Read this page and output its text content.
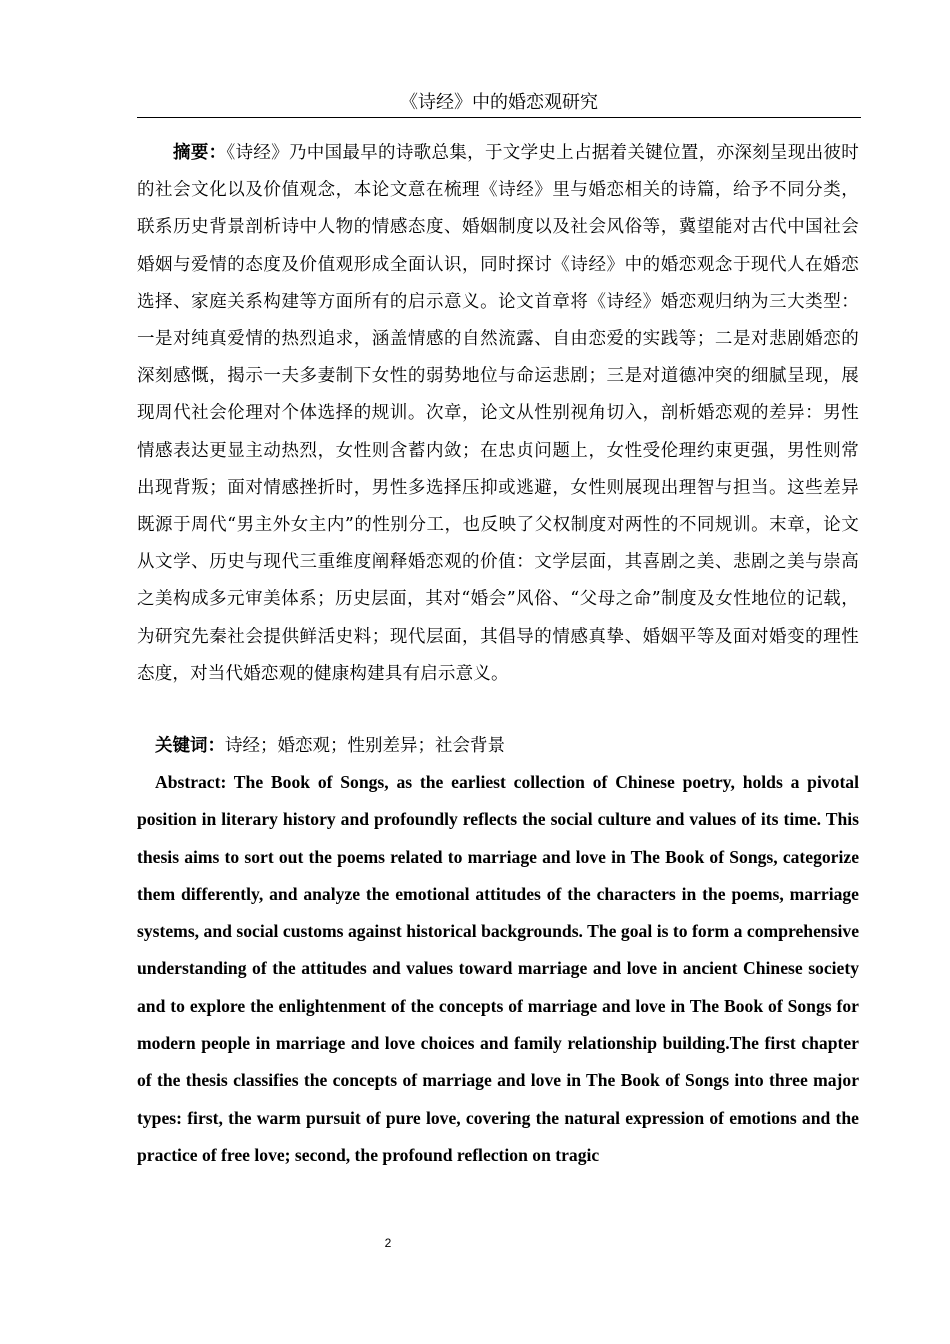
《诗经》中的婚恋观研究

摘要：《诗经》乃中国最早的诗歌总集，于文学史上占据着关键位置，亦深刻呈现出彼时的社会文化以及价值观念，本论文意在梳理《诗经》里与婚恋相关的诗篇，给予不同分类，联系历史背景剖析诗中人物的情感态度、婚姻制度以及社会风俗等，冀望能对古代中国社会婚姻与爱情的态度及价值观形成全面认识，同时探讨《诗经》中的婚恋观念于现代人在婚恋选择、家庭关系构建等方面所有的启示意义。论文首章将《诗经》婚恋观归纳为三大类型：一是对纯真爱情的热烈追求，涵盖情感的自然流露、自由恋爱的实践等；二是对悲剧婚恋的深刻感慨，揭示一夫多妻制下女性的弱势地位与命运悲剧；三是对道德冲突的细腻呈现，展现周代社会伦理对个体选择的规训。次章，论文从性别视角切入，剖析婚恋观的差异：男性情感表达更显主动热烈，女性则含蓄内敛；在忠贞问题上，女性受伦理约束更强，男性则常出现背叛；面对情感挫折时，男性多选择压抑或逃避，女性则展现出理智与担当。这些差异既源于周代“男主外女主内”的性别分工，也反映了父权制度对两性的不同规训。末章，论文从文学、历史与现代三重维度阐释婚恋观的价值：文学层面，其喜剧之美、悲剧之美与崇高之美构成多元审美体系；历史层面，其对“婚会”风俗、“父母之命”制度及女性地位的记载，为研究先秦社会提供鲜活史料；现代层面，其倡导的情感真挚、婚姻平等及面对婚变的理性态度，对当代婚恋观的健康构建具有启示意义。

关键词：诗经；婚恋观；性别差异；社会背景

Abstract: The Book of Songs, as the earliest collection of Chinese poetry, holds a pivotal position in literary history and profoundly reflects the social culture and values of its time. This thesis aims to sort out the poems related to marriage and love in The Book of Songs, categorize them differently, and analyze the emotional attitudes of the characters in the poems, marriage systems, and social customs against historical backgrounds. The goal is to form a comprehensive understanding of the attitudes and values toward marriage and love in ancient Chinese society and to explore the enlightenment of the concepts of marriage and love in The Book of Songs for modern people in marriage and love choices and family relationship building.The first chapter of the thesis classifies the concepts of marriage and love in The Book of Songs into three major types: first, the warm pursuit of pure love, covering the natural expression of emotions and the practice of free love; second, the profound reflection on tragic

2
